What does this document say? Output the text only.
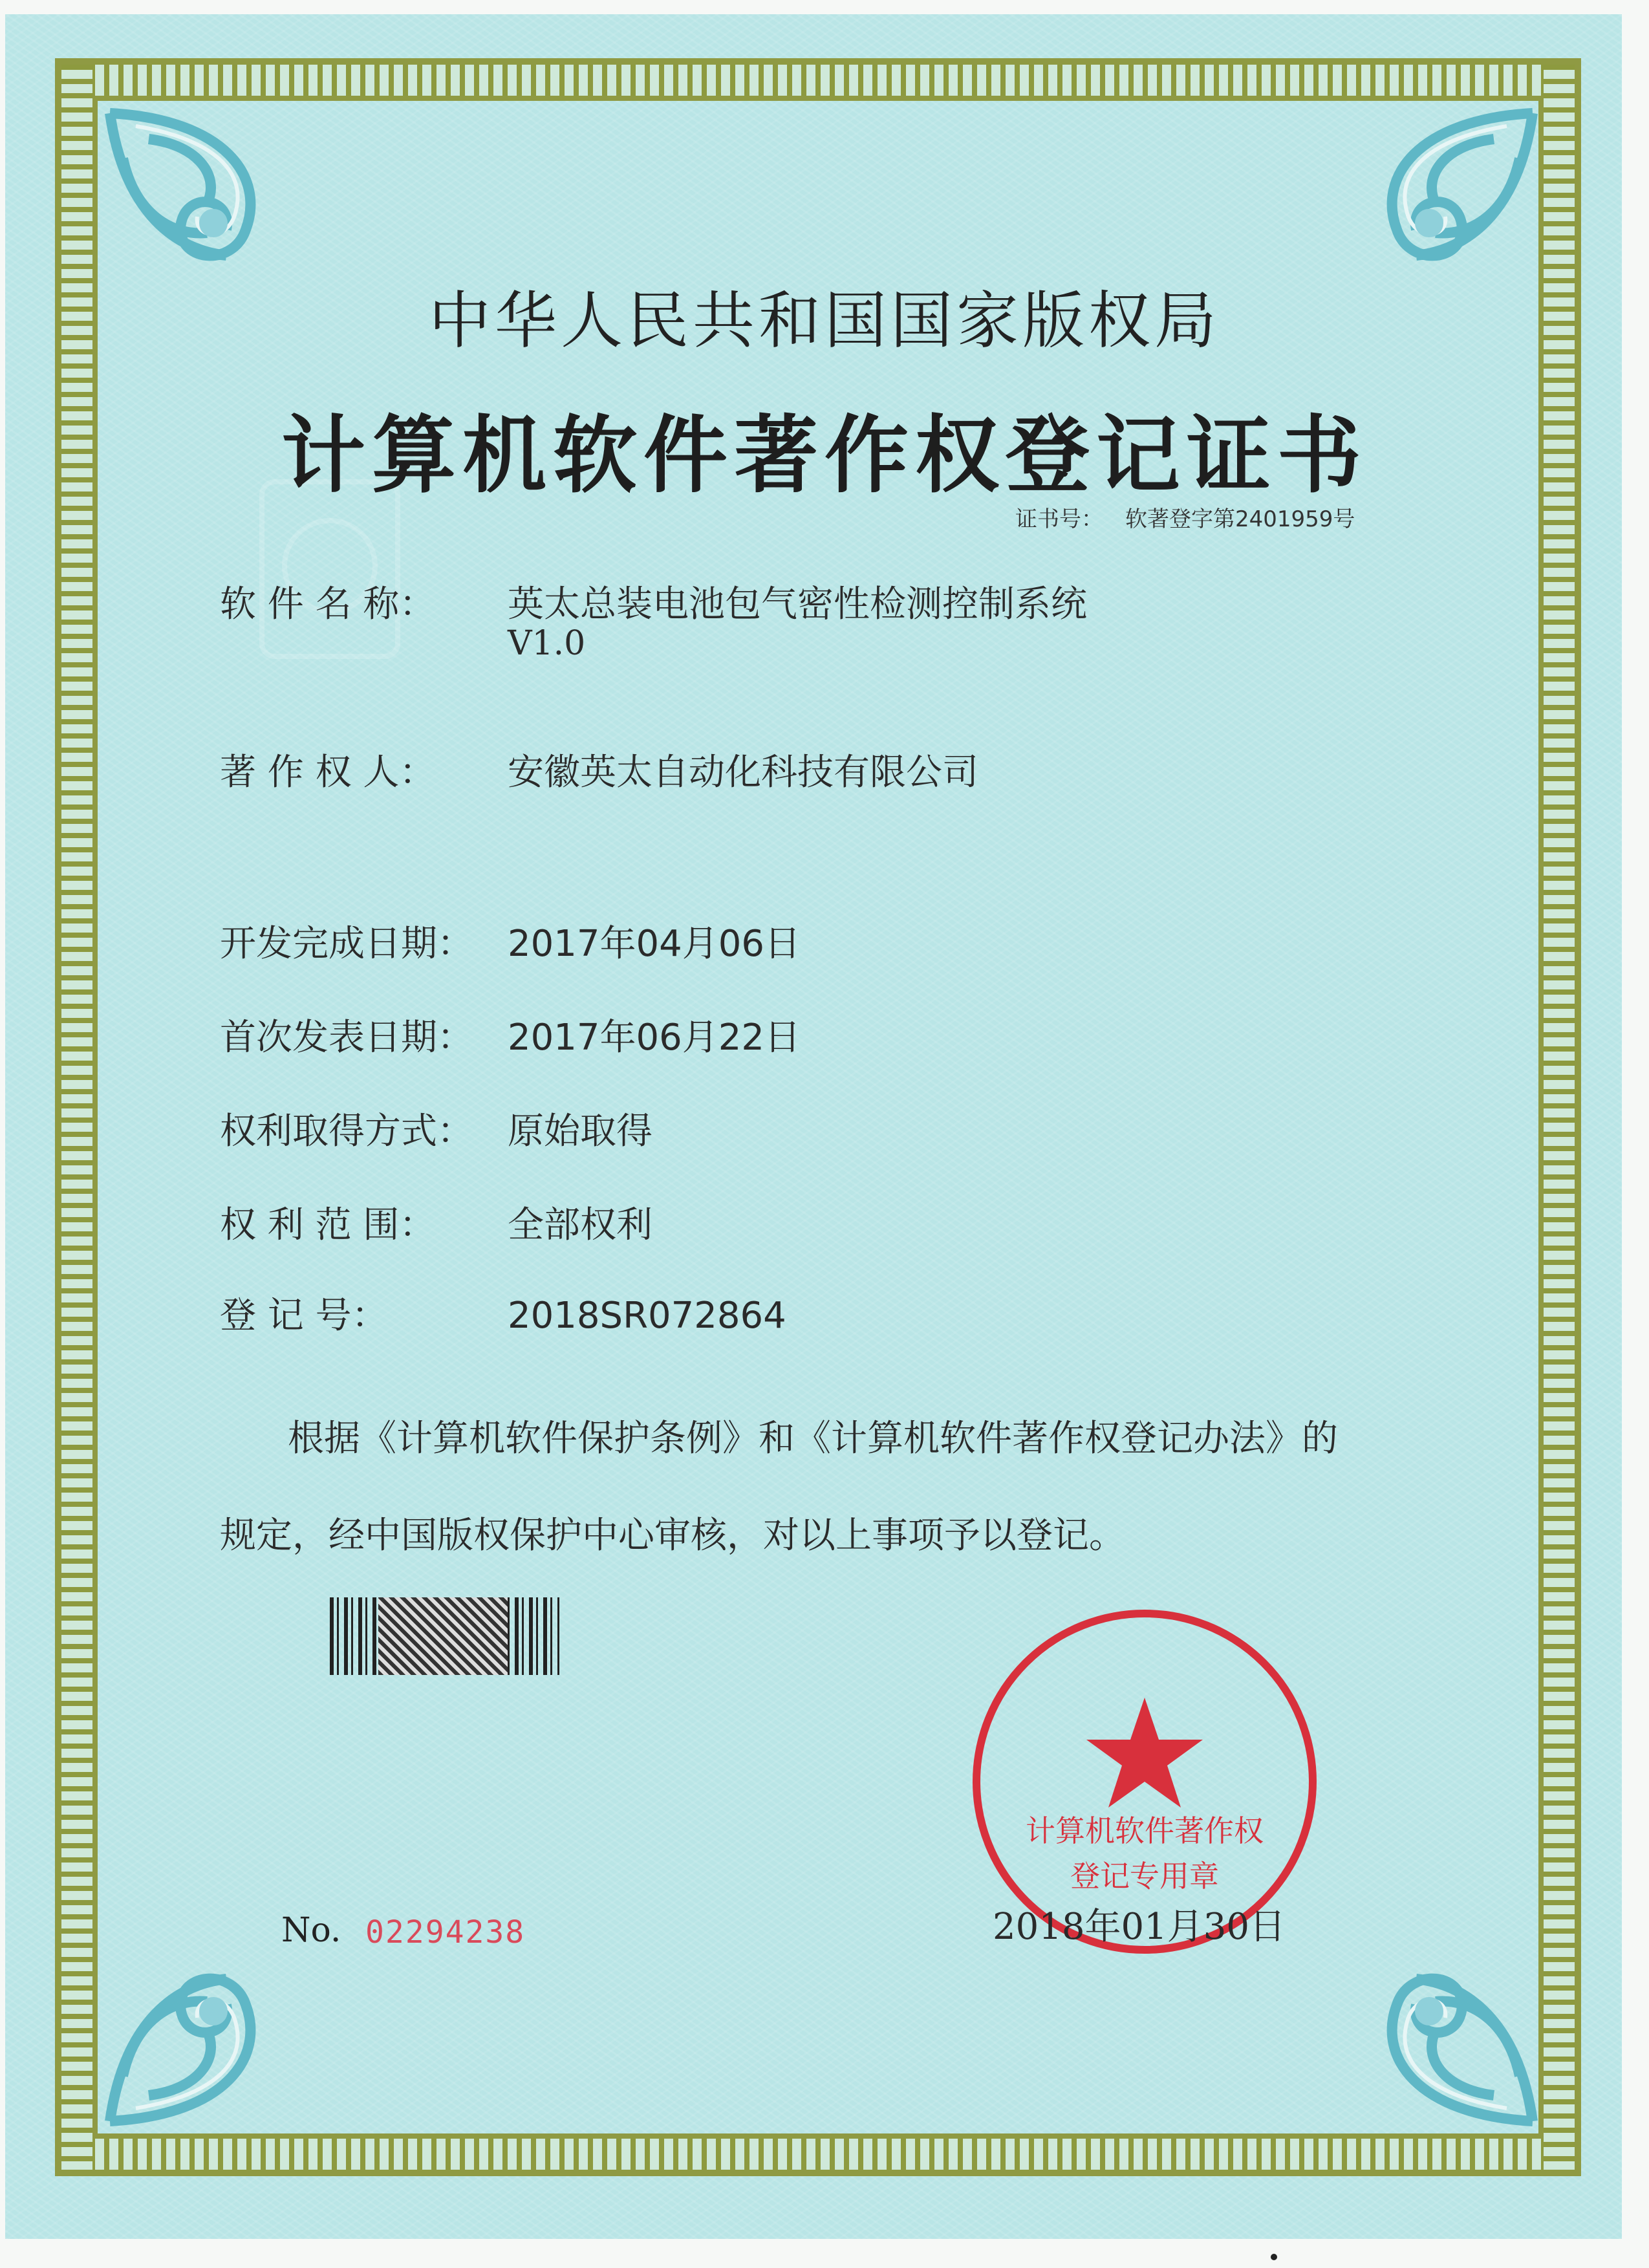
中华人民共和国国家版权局
计算机软件著作权登记证书
证书号： 软著登字第2401959号
软 件 名 称： 英太总装电池包气密性检测控制系统
V1.0
著 作 权 人： 安徽英太自动化科技有限公司
开发完成日期： 2017年04月06日
首次发表日期： 2017年06月22日
权利取得方式： 原始取得
权 利 范 围： 全部权利
登 记 号：	2018SR072864
根据《计算机软件保护条例》和《计算机软件著作权登记办法》的
规定，经中国版权保护中心审核，对以上事项予以登记。
计算机软件著作权
登记专用章
2018年01月30日
No. 02294238
